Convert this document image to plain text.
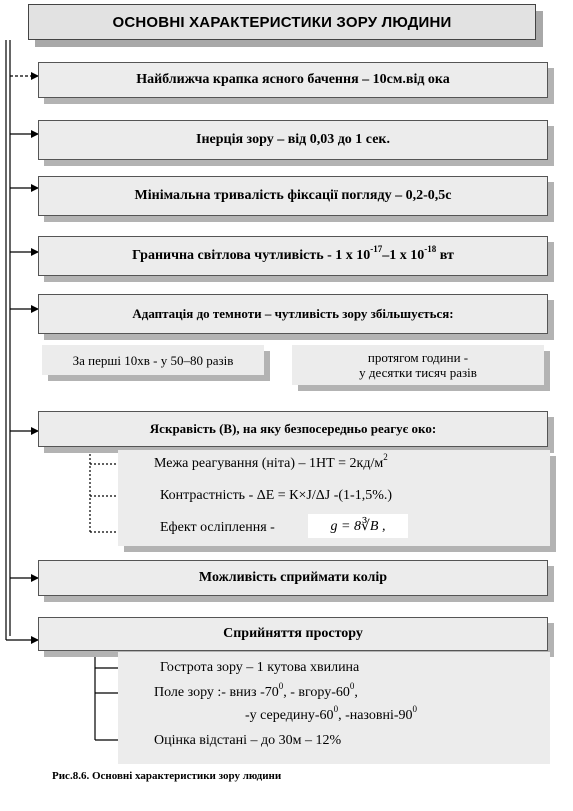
ОСНОВНІ ХАРАКТЕРИСТИКИ ЗОРУ ЛЮДИНИ
Найближча крапка ясного бачення – 10см.від ока
Інерція зору – від 0,03 до 1 сек.
Мінімальна тривалість фіксації погляду – 0,2-0,5с
Гранична світлова чутливість - 1 х $10^{-17}-1$ х $10^{-18}$ вт
Адаптація до темноти – чутливість зору збільшується:
За перші 10хв - у 50–80 разів	протягом години -
у десятки тисяч разів
Яскравість (В), на яку безпосередньо реагує око:
Межа реагування (ніта) – $1НТ = 2кд/м^2$
Контрастність - ΔЕ = К×J/ΔJ -(1-1,5%.)
Ефект осліплення -	g = 8∛B ,
Можливість сприймати колір
Сприйняття простору
Гострота зору – 1 кутова хвилина
Поле зору :- вниз $-70^0$, - вгору-$60^0$,
-у середину-$60^0$, $-назовні-90^0$
Оцінка відстані – до 30м – 12%
Рис.8.6. Основні характеристики зору людини
